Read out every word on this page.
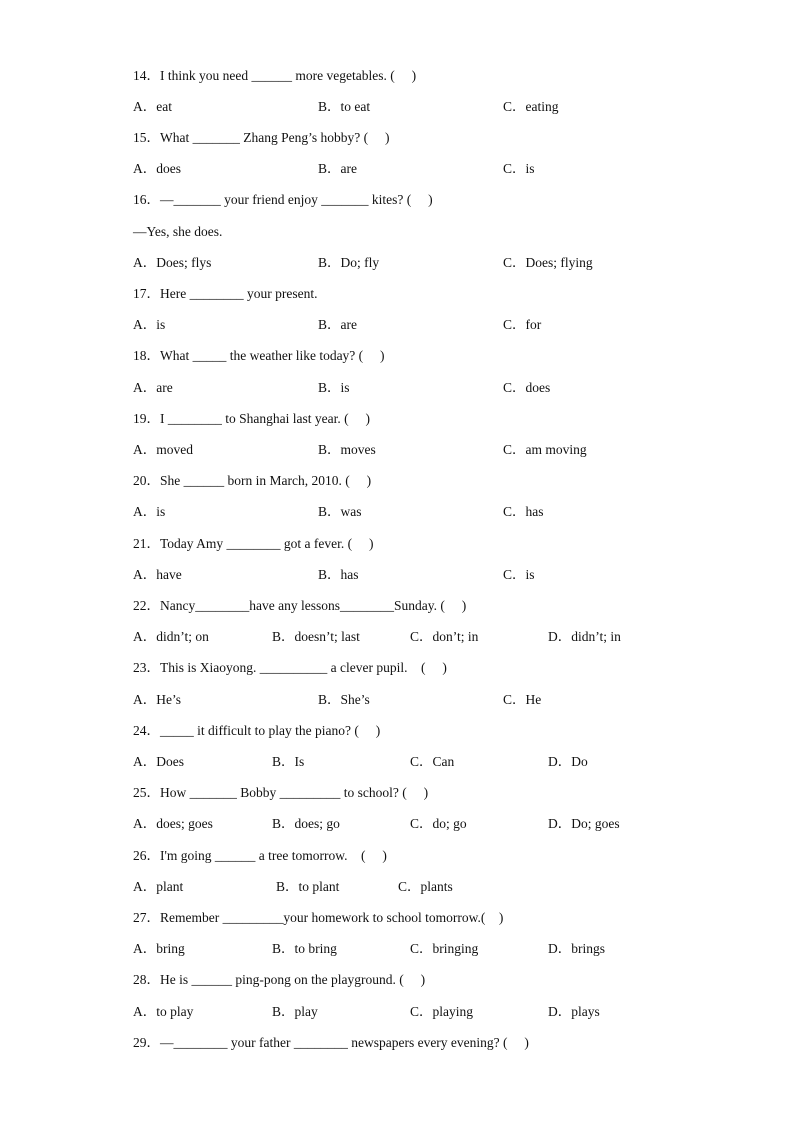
14．I think you need ______ more vegetables. (　 )
A．eat	B．to eat	C．eating
15．What _______ Zhang Peng’s hobby? (　 )
A．does	B．are	C．is
16．—_______ your friend enjoy _______ kites? (　 )
—Yes, she does.
A．Does; flys	B．Do; fly	C．Does; flying
17．Here ________ your present.
A．is	B．are	C．for
18．What _____ the weather like today? (　 )
A．are	B．is	C．does
19．I ________ to Shanghai last year. (　 )
A．moved	B．moves	C．am moving
20．She ______ born in March, 2010. (　 )
A．is	B．was	C．has
21．Today Amy ________ got a fever. (　 )
A．have	B．has	C．is
22．Nancy________have any lessons________Sunday. (　 )
A．didn’t; on	B．doesn’t; last	C．don’t; in	D．didn’t; in
23．This is Xiaoyong. __________ a clever pupil.　(　 )
A．He’s	B．She’s	C．He
24．_____ it difficult to play the piano? (　 )
A．Does	B．Is	C．Can	D．Do
25．How _______ Bobby _________ to school? (　 )
A．does; goes	B．does; go	C．do; go	D．Do; goes
26．I'm going ______ a tree tomorrow.　(　 )
A．plant	B．to plant	C．plants
27．Remember _________your homework to school tomorrow.(　)
A．bring	B．to bring	C．bringing	D．brings
28．He is ______ ping-pong on the playground. (　 )
A．to play	B．play	C．playing	D．plays
29．—________ your father ________ newspapers every evening? (　 )
